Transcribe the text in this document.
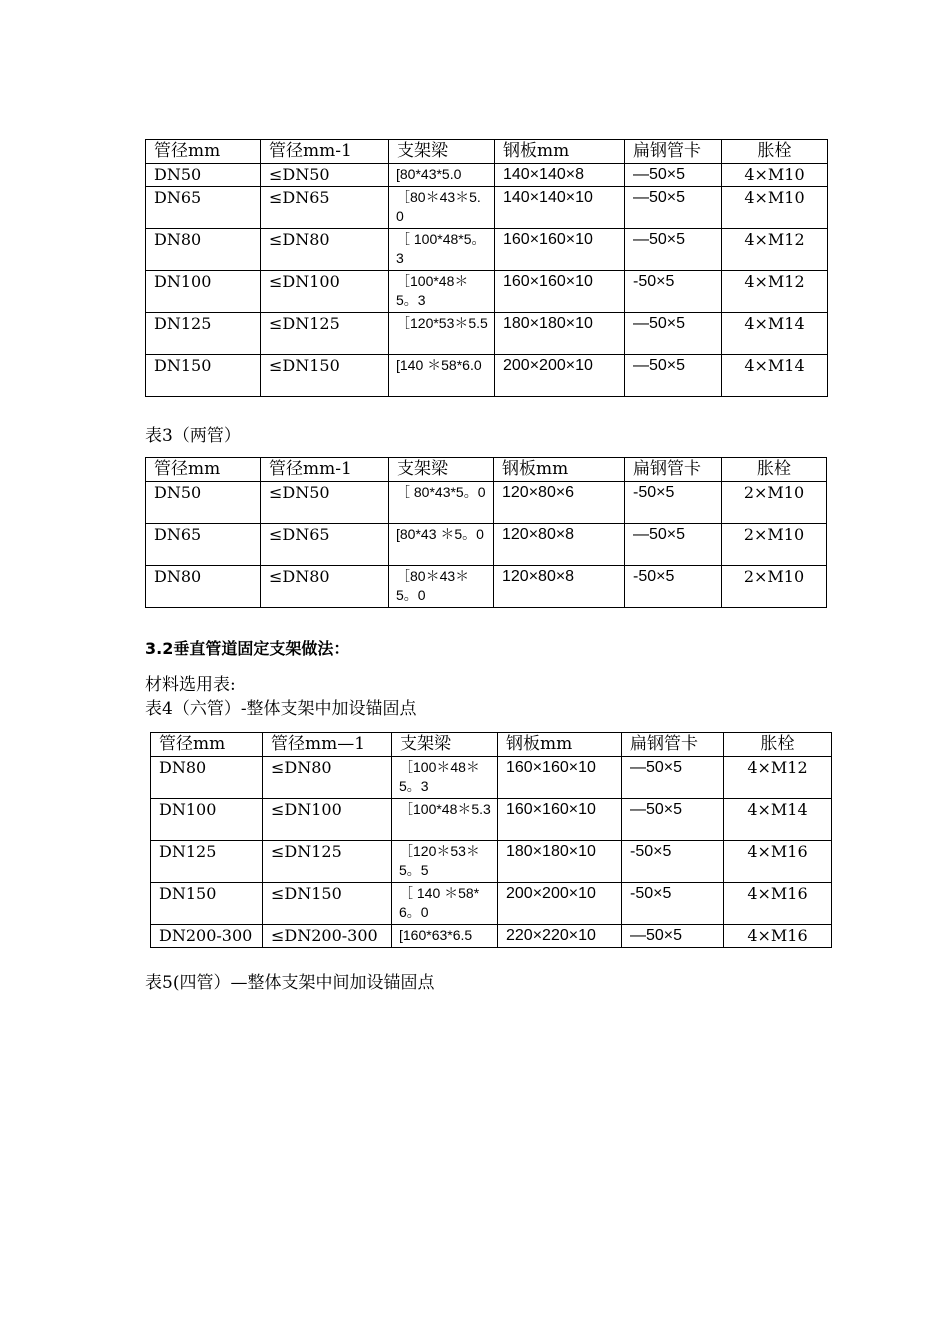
管径mm	管径mm-1	支架梁	钢板mm	扁钢管卡	胀栓
DN50	≤DN50	[80*43*5.0	140×140×8	—50×5	4×M10
DN65	≤DN65	［80＊43＊5.0	140×140×10	—50×5	4×M10
DN80	≤DN80	［ 100*48*5。3	160×160×10	—50×5	4×M12
DN100	≤DN100	［100*48＊5。3	160×160×10	-50×5	4×M12
DN125	≤DN125	［120*53＊5.5	180×180×10	—50×5	4×M14
DN150	≤DN150	[140 ＊58*6.0	200×200×10	—50×5	4×M14
表3（两管）
管径mm	管径mm-1	支架梁	钢板mm	扁钢管卡	胀栓
DN50	≤DN50	［ 80*43*5。0	120×80×6	-50×5	2×M10
DN65	≤DN65	[80*43 ＊5。0	120×80×8	—50×5	2×M10
DN80	≤DN80	［80＊43＊5。0	120×80×8	-50×5	2×M10
3.2垂直管道固定支架做法：
材料选用表:
表4（六管）-整体支架中加设锚固点
管径mm	管径mm—1	支架梁	钢板mm	扁钢管卡	胀栓
DN80	≤DN80	［100＊48＊5。3	160×160×10	—50×5	4×M12
DN100	≤DN100	［100*48＊5.3	160×160×10	—50×5	4×M14
DN125	≤DN125	［120＊53＊5。5	180×180×10	-50×5	4×M16
DN150	≤DN150	［ 140 ＊58*6。0	200×200×10	-50×5	4×M16
DN200-300	≤DN200-300	[160*63*6.5	220×220×10	—50×5	4×M16
表5(四管）—整体支架中间加设锚固点
